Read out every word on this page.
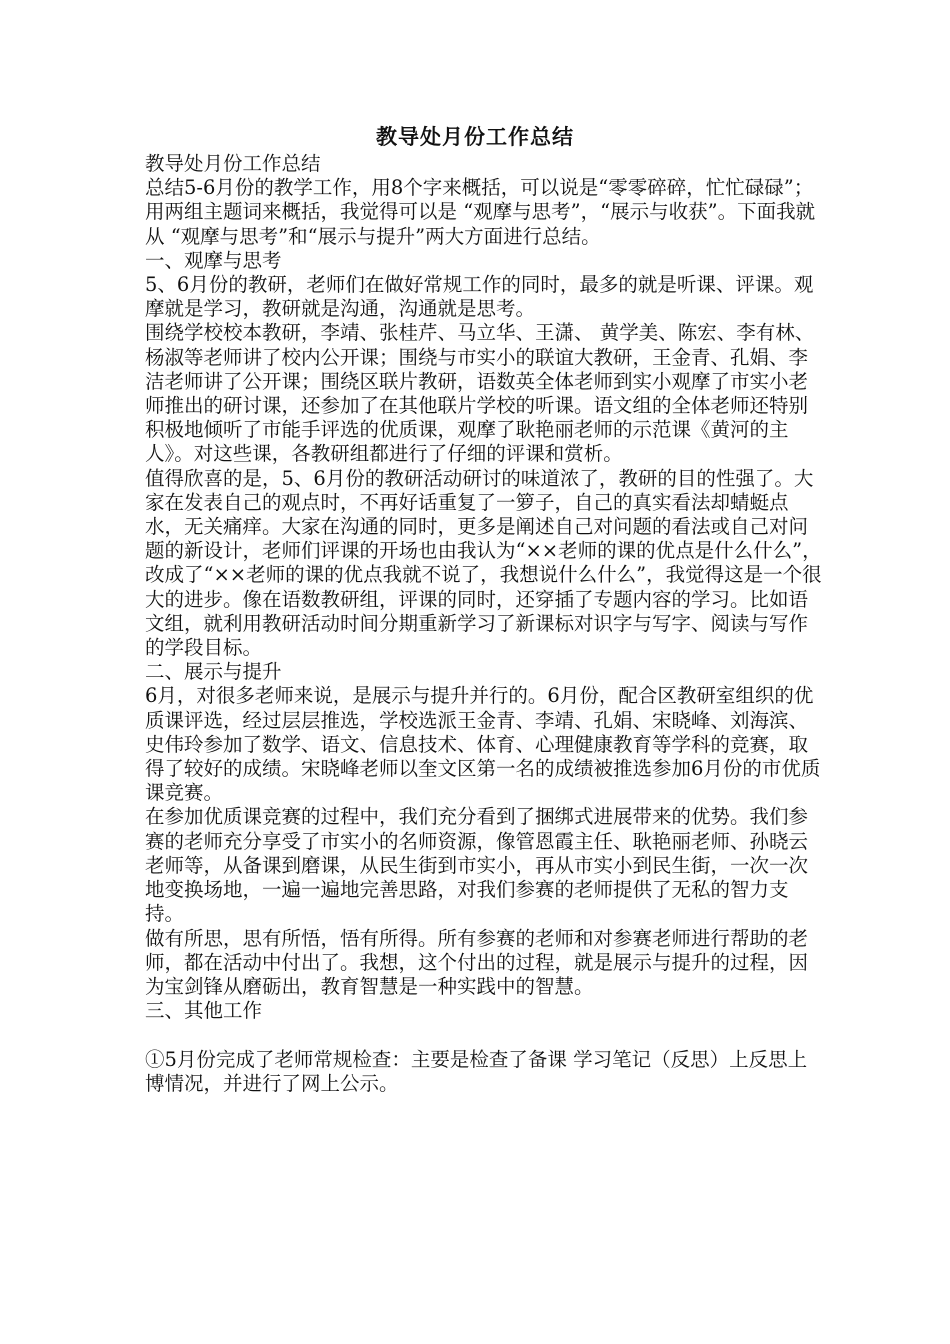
教导处月份工作总结

教导处月份工作总结

总结5-6月份的教学工作，用8个字来概括，可以说是“零零碎碎，忙忙碌碌”；用两组主题词来概括，我觉得可以是 “观摩与思考”，“展示与收获”。下面我就从 “观摩与思考”和“展示与提升”两大方面进行总结。

一、观摩与思考

5、6月份的教研，老师们在做好常规工作的同时，最多的就是听课、评课。观摩就是学习，教研就是沟通，沟通就是思考。

围绕学校校本教研，李靖、张桂芹、马立华、王潇、 黄学美、陈宏、李有林、杨淑等老师讲了校内公开课；围绕与市实小的联谊大教研，王金青、孔娟、李洁老师讲了公开课；围绕区联片教研，语数英全体老师到实小观摩了市实小老师推出的研讨课，还参加了在其他联片学校的听课。语文组的全体老师还特别积极地倾听了市能手评选的优质课，观摩了耿艳丽老师的示范课《黄河的主人》。对这些课，各教研组都进行了仔细的评课和赏析。

值得欣喜的是，5、6月份的教研活动研讨的味道浓了，教研的目的性强了。大家在发表自己的观点时，不再好话重复了一箩子，自己的真实看法却蜻蜓点水，无关痛痒。大家在沟通的同时，更多是阐述自己对问题的看法或自己对问题的新设计，老师们评课的开场也由我认为“××老师的课的优点是什么什么”，改成了“××老师的课的优点我就不说了，我想说什么什么”，我觉得这是一个很大的进步。像在语数教研组，评课的同时，还穿插了专题内容的学习。比如语文组，就利用教研活动时间分期重新学习了新课标对识字与写字、阅读与写作的学段目标。

二、展示与提升

6月，对很多老师来说，是展示与提升并行的。6月份，配合区教研室组织的优质课评选，经过层层推选，学校选派王金青、李靖、孔娟、宋晓峰、刘海滨、史伟玲参加了数学、语文、信息技术、体育、心理健康教育等学科的竞赛，取得了较好的成绩。宋晓峰老师以奎文区第一名的成绩被推选参加6月份的市优质课竞赛。

在参加优质课竞赛的过程中，我们充分看到了捆绑式进展带来的优势。我们参赛的老师充分享受了市实小的名师资源，像管恩霞主任、耿艳丽老师、孙晓云老师等，从备课到磨课，从民生街到市实小，再从市实小到民生街，一次一次地变换场地，一遍一遍地完善思路，对我们参赛的老师提供了无私的智力支持。

做有所思，思有所悟，悟有所得。所有参赛的老师和对参赛老师进行帮助的老师，都在活动中付出了。我想，这个付出的过程，就是展示与提升的过程，因为宝剑锋从磨砺出，教育智慧是一种实践中的智慧。

三、其他工作

①5月份完成了老师常规检查：主要是检查了备课 学习笔记（反思）上反思上博情况，并进行了网上公示。
